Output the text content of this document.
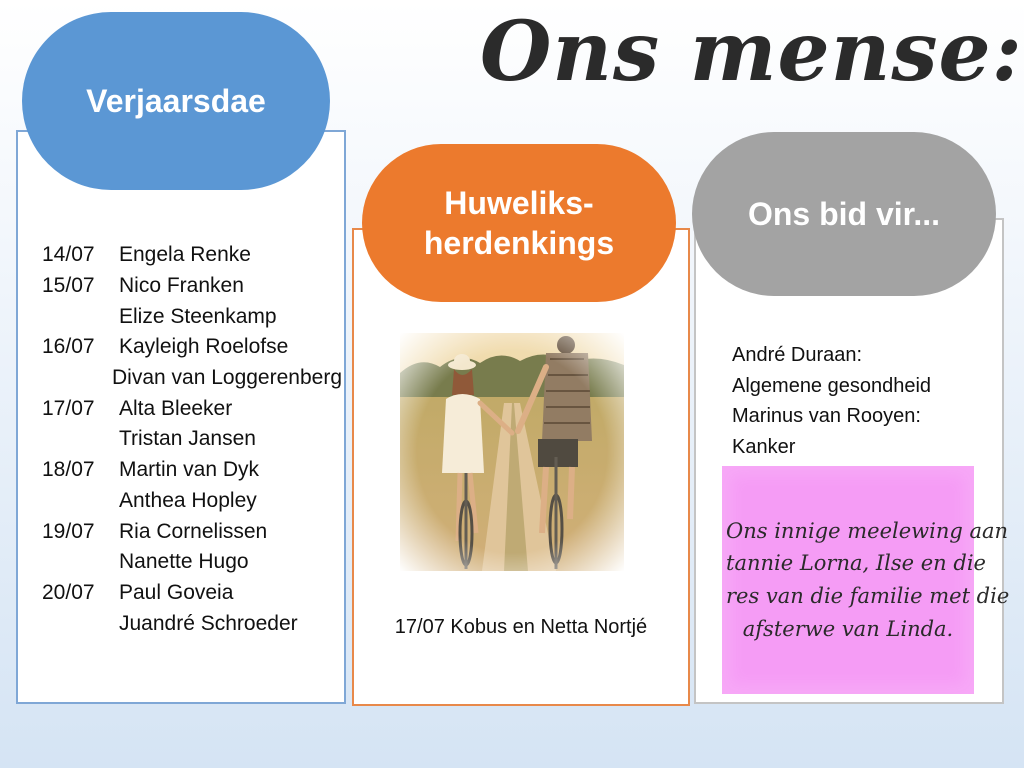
Ons mense:
Verjaarsdae
14/07	Engela Renke
15/07	Nico Franken
Elize Steenkamp
16/07	Kayleigh Roelofse
Divan van Loggerenberg
17/07	Alta Bleeker
Tristan Jansen
18/07	Martin van Dyk
Anthea Hopley
19/07	Ria Cornelissen
Nanette Hugo
20/07	Paul Goveia
Juandré Schroeder
Huweliks-
herdenkings
17/07 Kobus en Netta Nortjé
Ons bid vir...
André Duraan:
Algemene gesondheid
Marinus van Rooyen:
Kanker
Ons innige meelewing aan
tannie Lorna, Ilse en die
res van die familie met die
afsterwe van Linda.
